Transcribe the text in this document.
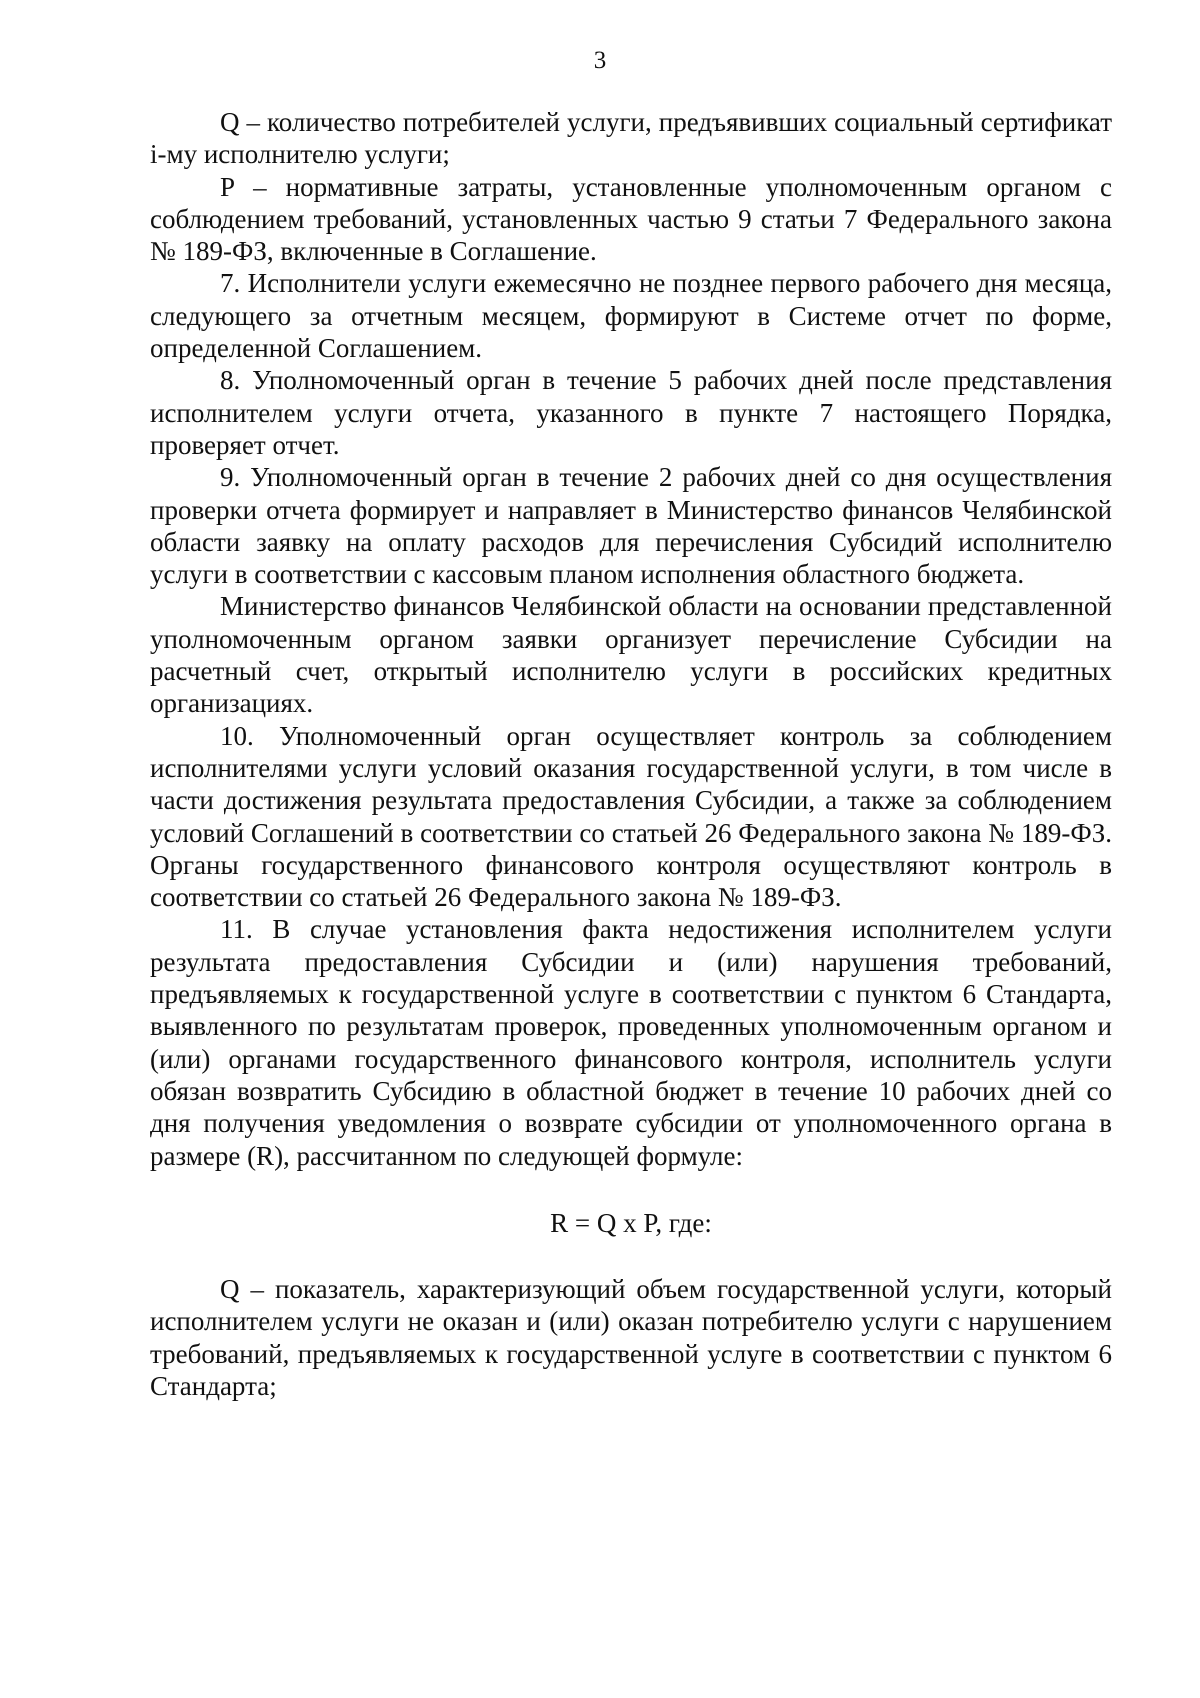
3

Q – количество потребителей услуги, предъявивших социальный сертификат i-му исполнителю услуги;

P – нормативные затраты, установленные уполномоченным органом с соблюдением требований, установленных частью 9 статьи 7 Федерального закона № 189-ФЗ, включенные в Соглашение.

7. Исполнители услуги ежемесячно не позднее первого рабочего дня месяца, следующего за отчетным месяцем, формируют в Системе отчет по форме, определенной Соглашением.

8. Уполномоченный орган в течение 5 рабочих дней после представления исполнителем услуги отчета, указанного в пункте 7 настоящего Порядка, проверяет отчет.

9. Уполномоченный орган в течение 2 рабочих дней со дня осуществления проверки отчета формирует и направляет в Министерство финансов Челябинской области заявку на оплату расходов для перечисления Субсидий исполнителю услуги в соответствии с кассовым планом исполнения областного бюджета.

Министерство финансов Челябинской области на основании представленной уполномоченным органом заявки организует перечисление Субсидии на расчетный счет, открытый исполнителю услуги в российских кредитных организациях.

10. Уполномоченный орган осуществляет контроль за соблюдением исполнителями услуги условий оказания государственной услуги, в том числе в части достижения результата предоставления Субсидии, а также за соблюдением условий Соглашений в соответствии со статьей 26 Федерального закона № 189-ФЗ. Органы государственного финансового контроля осуществляют контроль в соответствии со статьей 26 Федерального закона № 189-ФЗ.

11. В случае установления факта недостижения исполнителем услуги результата предоставления Субсидии и (или) нарушения требований, предъявляемых к государственной услуге в соответствии с пунктом 6 Стандарта, выявленного по результатам проверок, проведенных уполномоченным органом и (или) органами государственного финансового контроля, исполнитель услуги обязан возвратить Субсидию в областной бюджет в течение 10 рабочих дней со дня получения уведомления о возврате субсидии от уполномоченного органа в размере (R), рассчитанном по следующей формуле:

R = Q x P, где:

Q – показатель, характеризующий объем государственной услуги, который исполнителем услуги не оказан и (или) оказан потребителю услуги с нарушением требований, предъявляемых к государственной услуге в соответствии с пунктом 6 Стандарта;
